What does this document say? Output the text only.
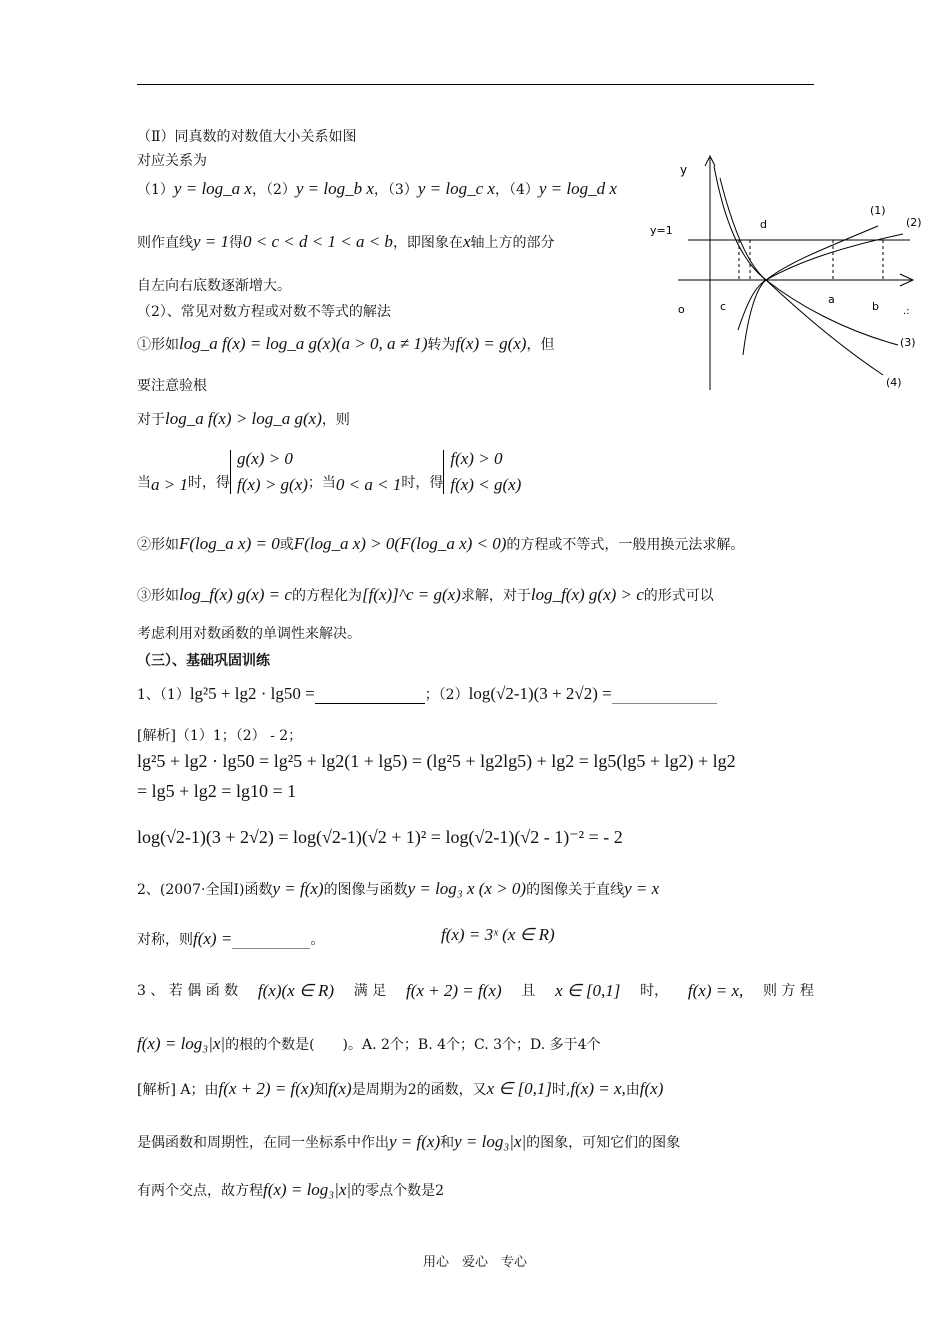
（Ⅱ）同真数的对数值大小关系如图
对应关系为
（1）y = log_a x，（2）y = log_b x，（3）y = log_c x，（4）y = log_d x
则作直线y = 1得0 < c < d < 1 < a < b，即图象在x轴上方的部分
自左向右底数逐渐增大。
（2）、常见对数方程或对数不等式的解法
①形如log_a f(x) = log_a g(x)(a > 0, a ≠ 1)转为f(x) = g(x)，但
要注意验根
对于log_a f(x) > log_a g(x)，则
当a > 1时，得
g(x) > 0
f(x) > g(x) ；当0 < a < 1时，得
f(x) > 0
f(x) < g(x)
②形如F(log_a x) = 0或F(log_a x) > 0(F(log_a x) < 0)的方程或不等式，一般用换元法求解。
③形如log_f(x) g(x) = c的方程化为[f(x)]^c = g(x)求解，对于log_f(x) g(x) > c的形式可以
考虑利用对数函数的单调性来解决。
（三）、基础巩固训练
1、（1）lg²5 + lg2 · lg50 =	；（2）log(√2-1)(3 + 2√2) =
[解析]（1）1；（2） - 2；
lg²5 + lg2 · lg50 = lg²5 + lg2(1 + lg5) = (lg²5 + lg2lg5) + lg2 = lg5(lg5 + lg2) + lg2
= lg5 + lg2 = lg10 = 1
log(√2-1)(3 + 2√2) = log(√2-1)(√2 + 1)² = log(√2-1)(√2 - 1)⁻² = - 2
2、(2007·全国Ⅰ)函数y = f(x)的图像与函数y = log₃ x (x > 0)的图像关于直线y = x
对称，则f(x) =	。	f(x) = 3ˣ (x ∈ R)
3 、 若 偶 函 数 f(x)(x ∈ R) 满 足 f(x + 2) = f(x) 且 x ∈ [0,1] 时， f(x) = x, 则 方 程
f(x) = log₃|x|的根的个数是(　　)。A. 2个；B. 4个；C. 3个；D. 多于4个
[解析] A；由f(x + 2) = f(x)知f(x)是周期为2的函数，又x ∈ [0,1]时,f(x) = x,由f(x)
是偶函数和周期性，在同一坐标系中作出y = f(x)和y = log₃|x|的图象，可知它们的图象
有两个交点，故方程f(x) = log₃|x|的零点个数是2
y
y=1
o	c
d
a
b
(1)
(2)
(3)
(4)
.:
用心　爱心　专心
